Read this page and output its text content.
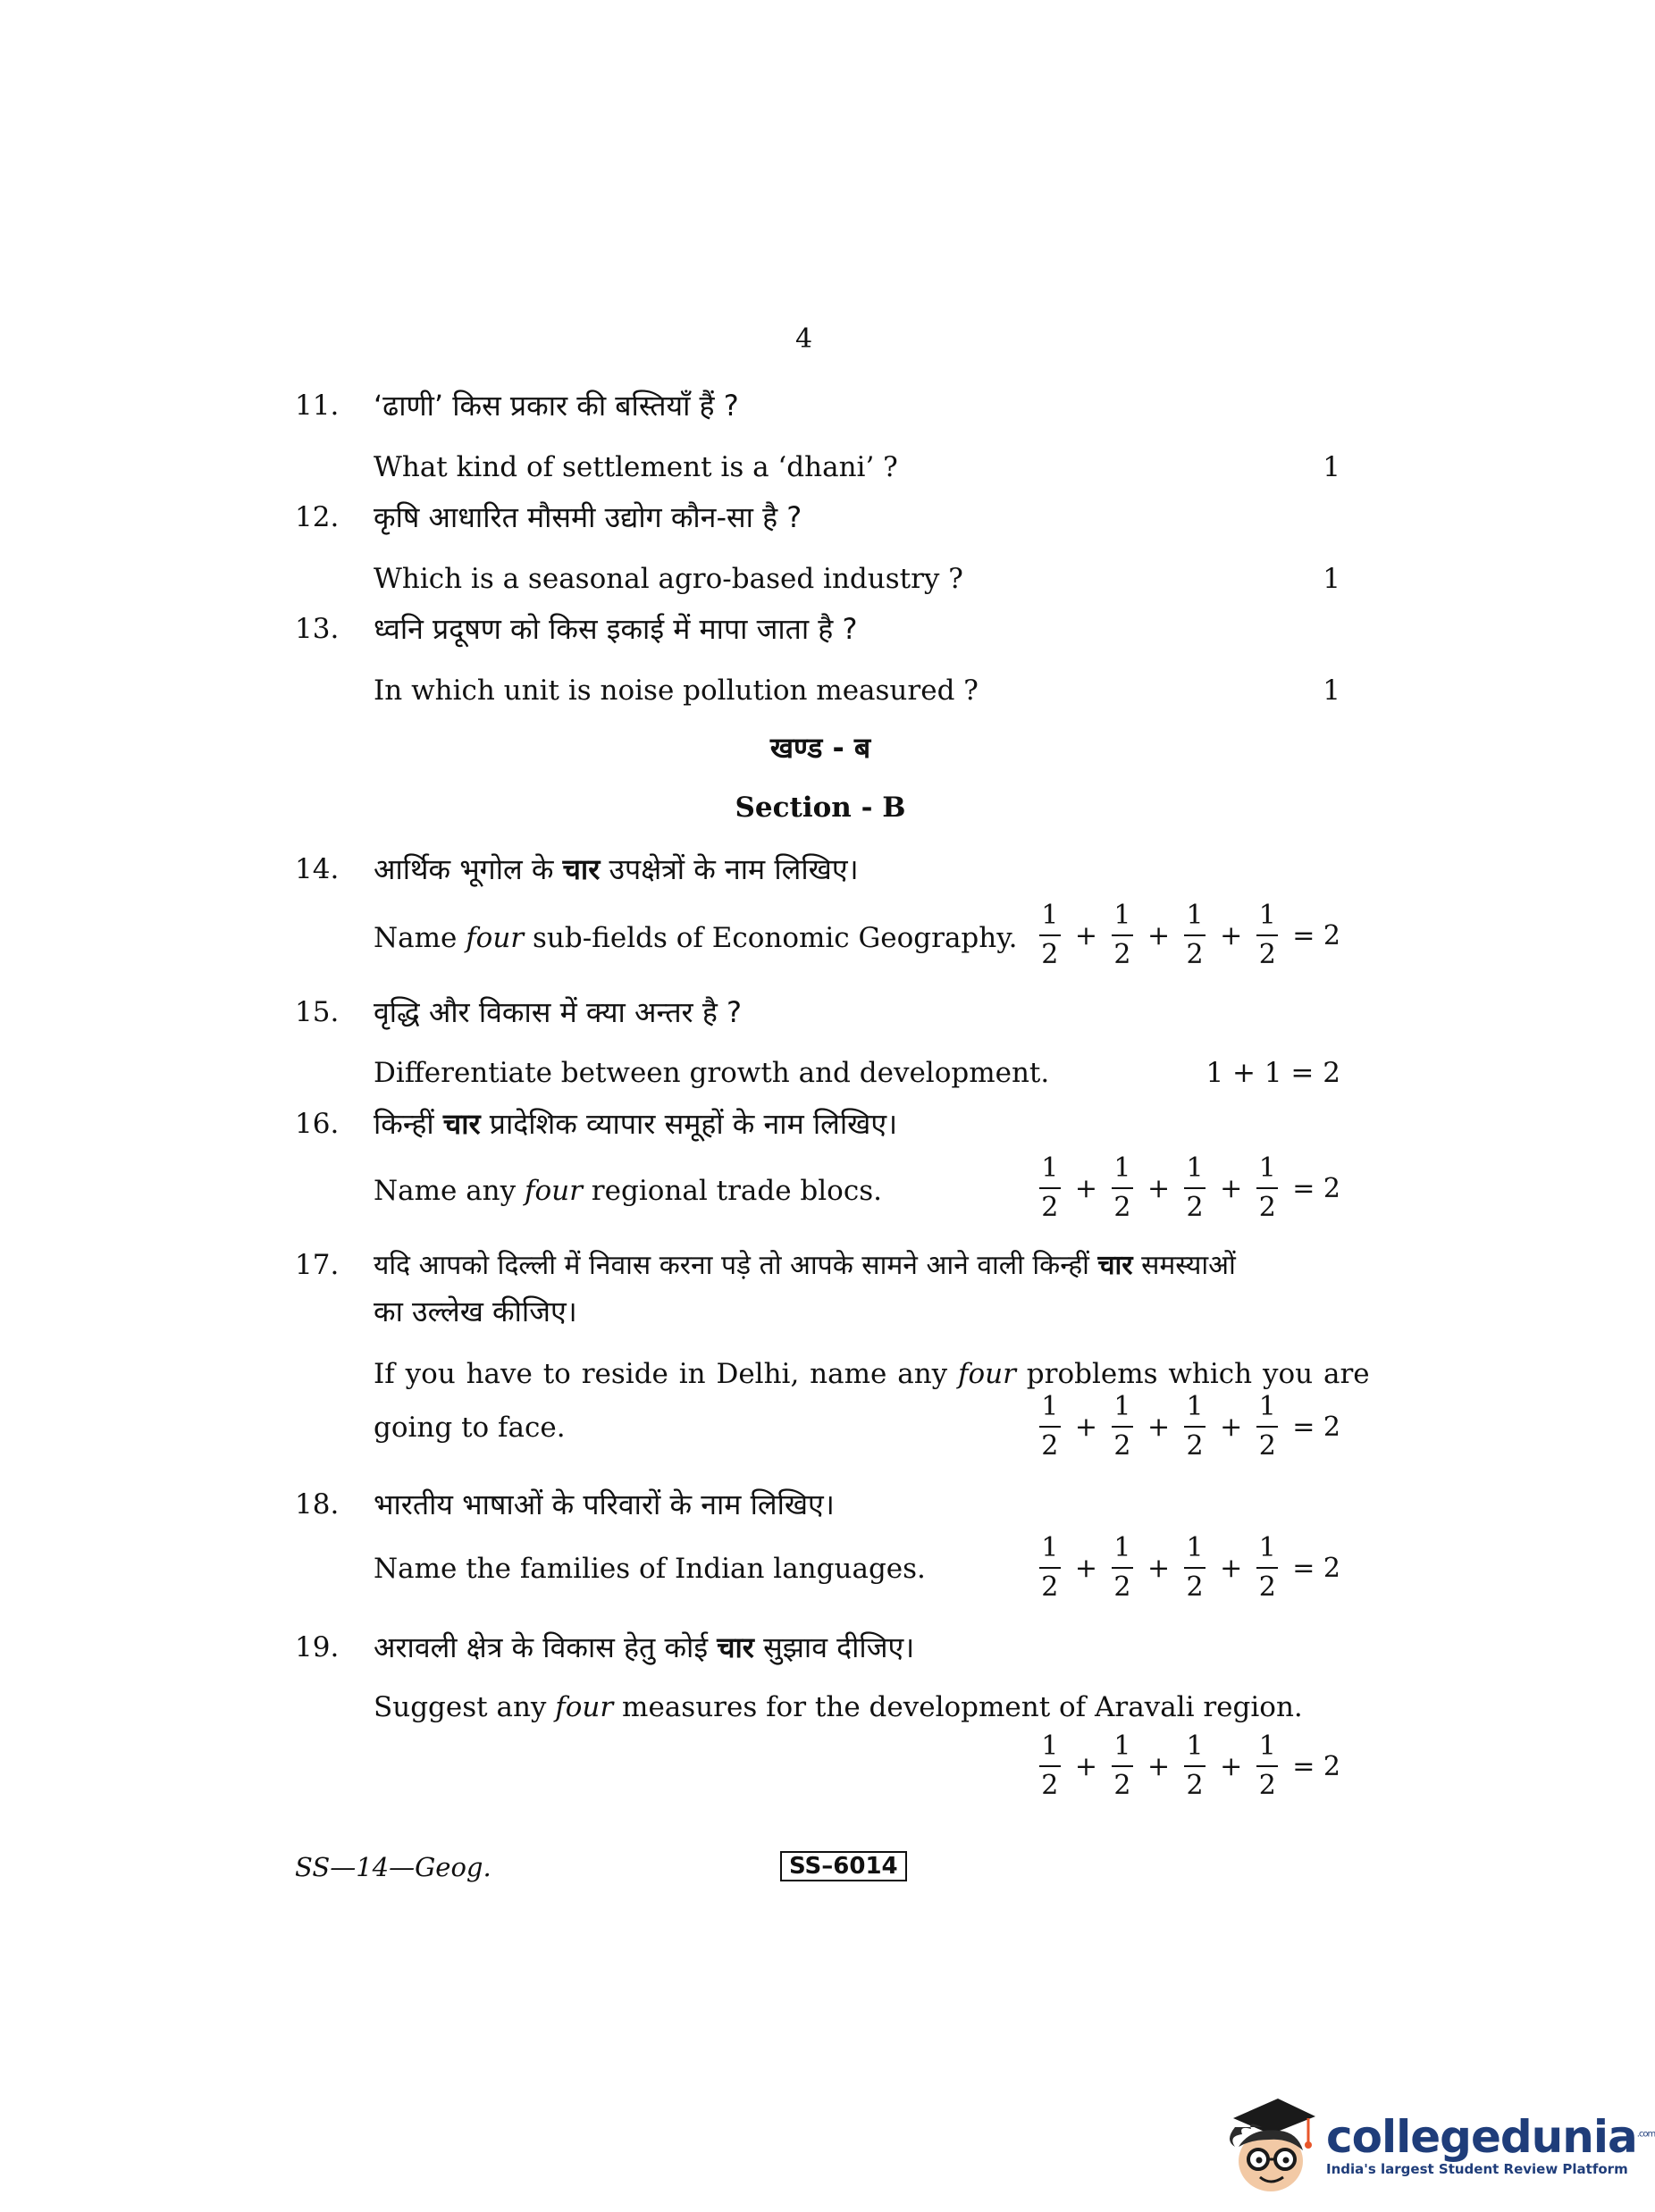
4
11. ‘ढाणी’ किस प्रकार की बस्तियाँ हैं ?
What kind of settlement is a ‘dhani’ ?	1
12. कृषि आधारित मौसमी उद्योग कौन-सा है ?
Which is a seasonal agro-based industry ?	1
13. ध्वनि प्रदूषण को किस इकाई में मापा जाता है ?
In which unit is noise pollution measured ?	1
खण्ड - ब
Section - B
14. आर्थिक भूगोल के चार उपक्षेत्रों के नाम लिखिए।
Name four sub-fields of Economic Geography. $\frac{1}{2} + \frac{1}{2} + \frac{1}{2} + \frac{1}{2} = 2$
15. वृद्धि और विकास में क्या अन्तर है ?
Differentiate between growth and development.	1 + 1 = 2
16. किन्हीं चार प्रादेशिक व्यापार समूहों के नाम लिखिए।
Name any four regional trade blocs.	$\frac{1}{2} + \frac{1}{2} + \frac{1}{2} + \frac{1}{2} = 2$
17. यदि आपको दिल्ली में निवास करना पड़े तो आपके सामने आने वाली किन्हीं चार समस्याओं
का उल्लेख कीजिए।
If you have to reside in Delhi, name any four problems which you are
going to face.	$\frac{1}{2} + \frac{1}{2} + \frac{1}{2} + \frac{1}{2} = 2$
18. भारतीय भाषाओं के परिवारों के नाम लिखिए।
Name the families of Indian languages.	$\frac{1}{2} + \frac{1}{2} + \frac{1}{2} + \frac{1}{2} = 2$
19. अरावली क्षेत्र के विकास हेतु कोई चार सुझाव दीजिए।
Suggest any four measures for the development of Aravali region.
$\frac{1}{2} + \frac{1}{2} + \frac{1}{2} + \frac{1}{2} = 2$
SS—14—Geog.	SS–6014
collegedunia$^{.com}$
India's largest Student Review Platform
